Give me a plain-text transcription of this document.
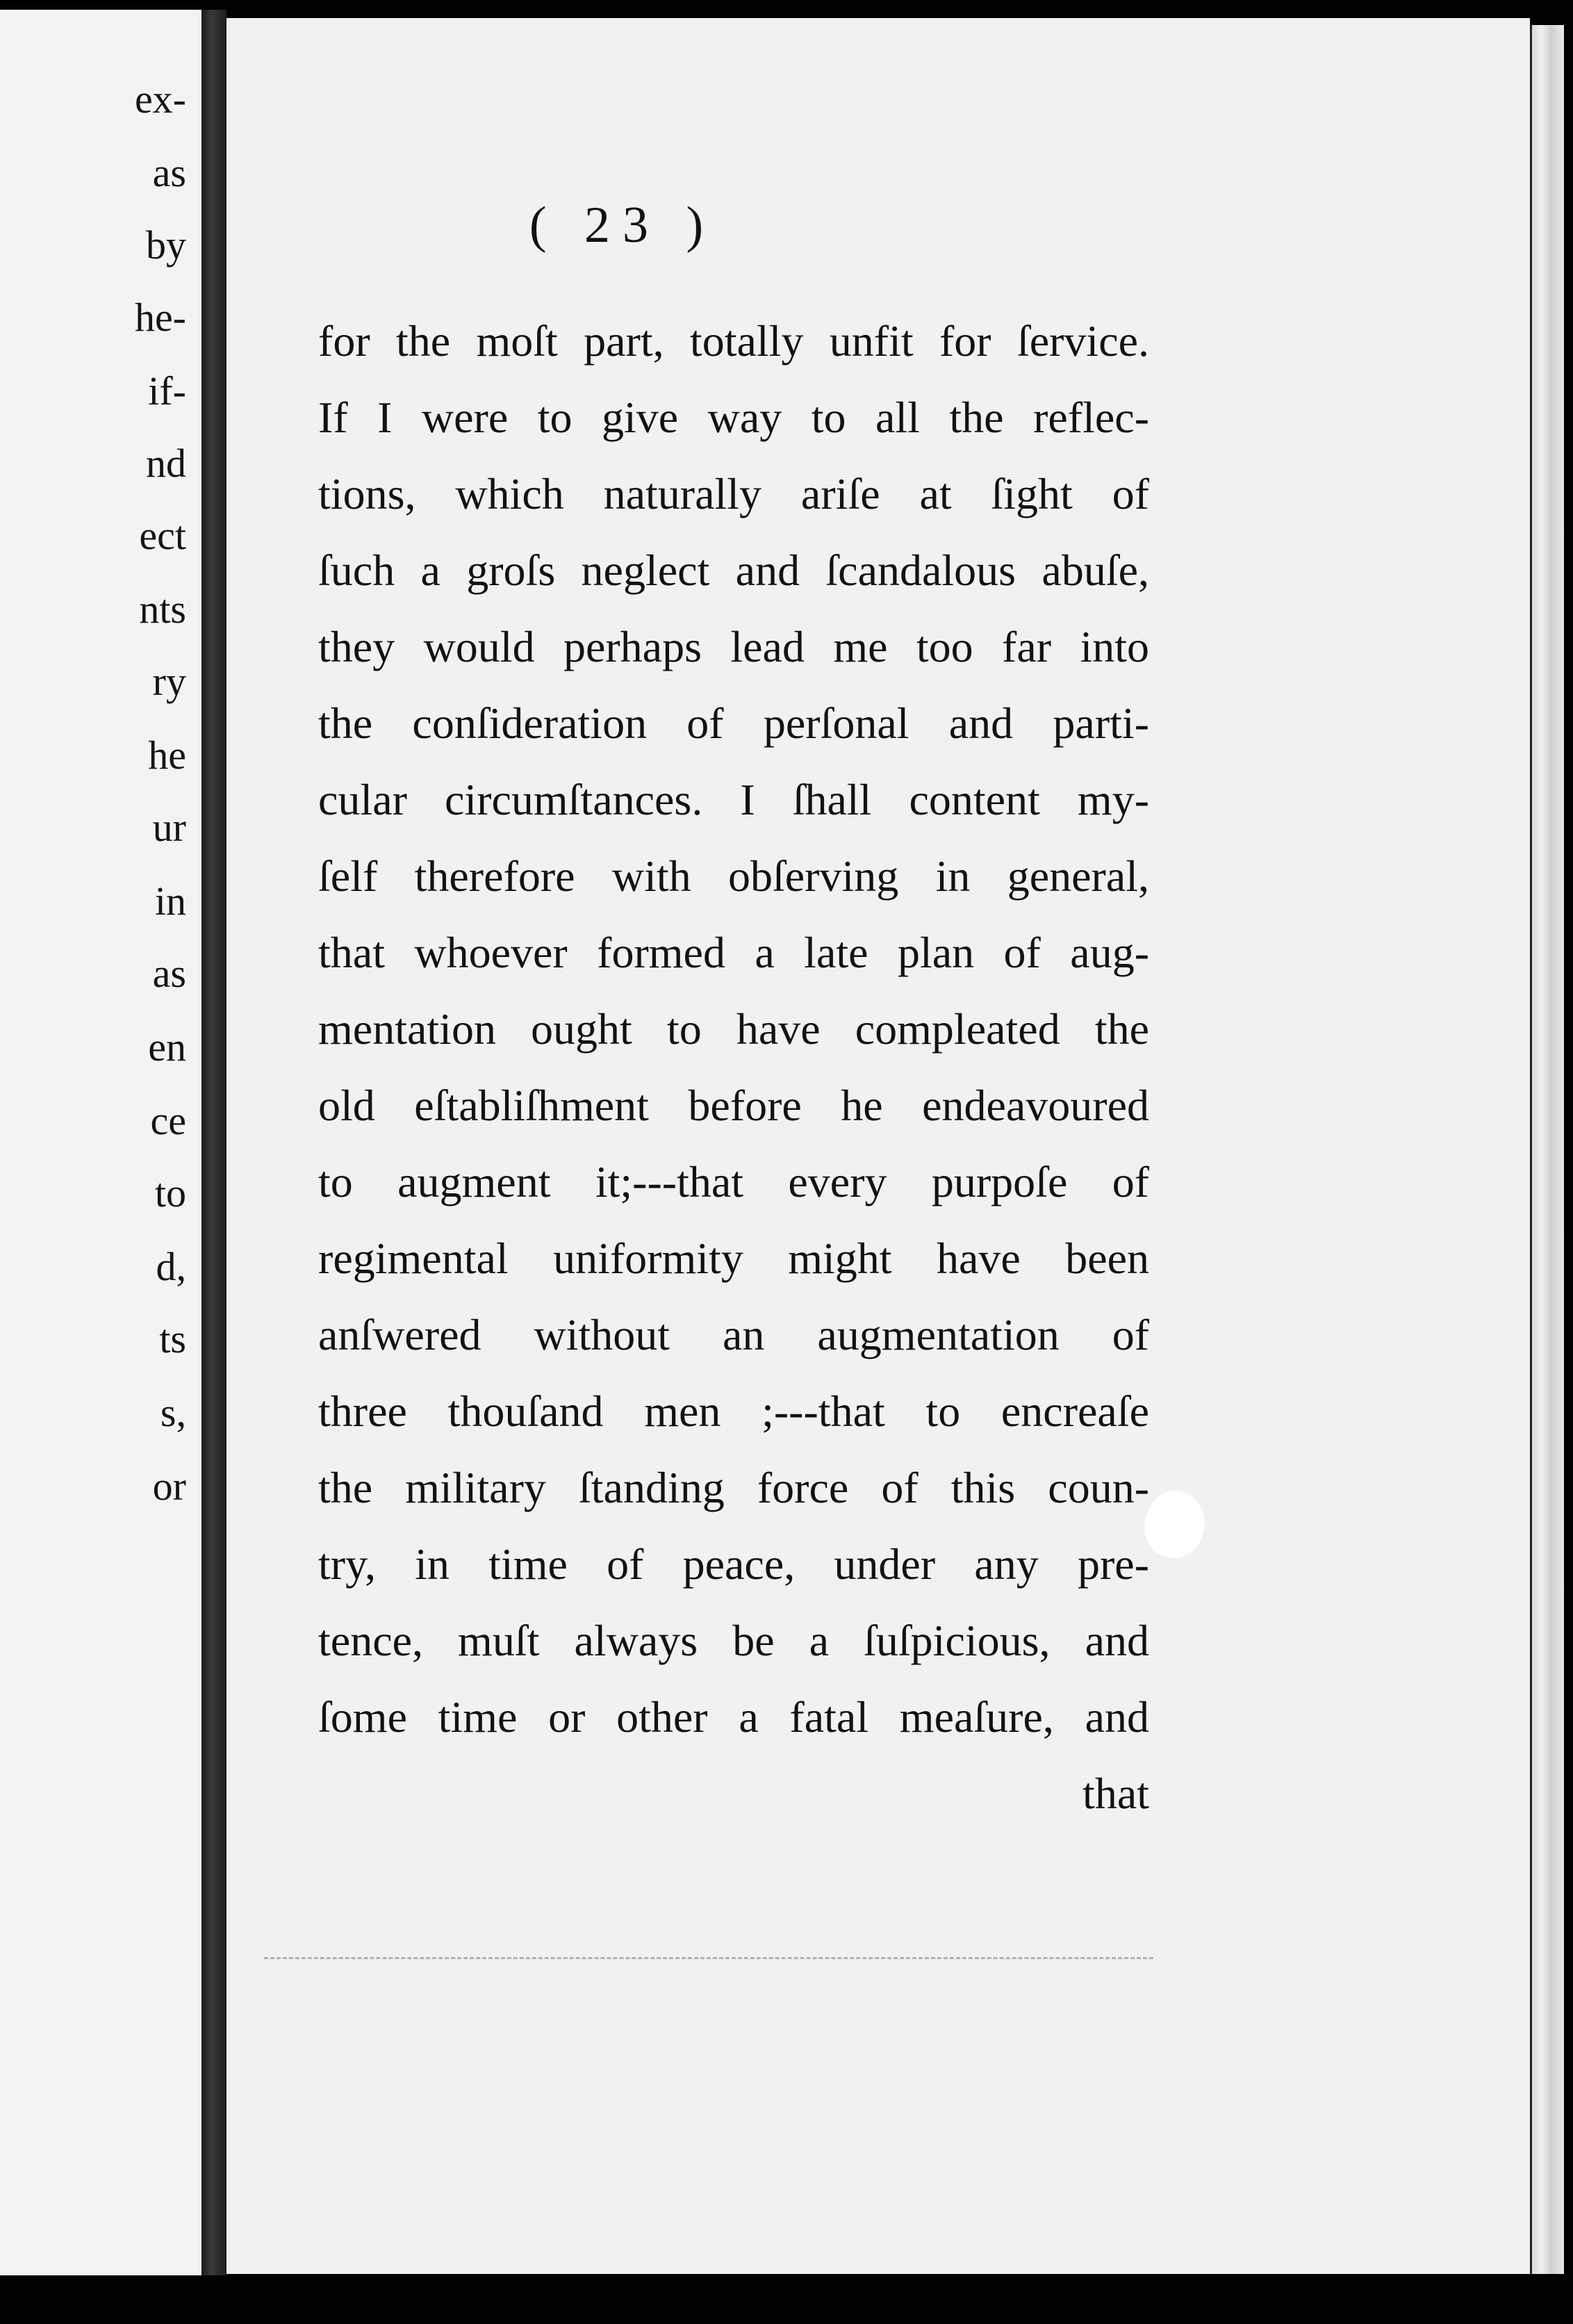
ex-
as
by
he-
if-
nd
ect
nts
ry
he
ur
in
as
en
ce
to
d,
ts
s,
or
( 23 )
for the moſt part, totally unfit for ſervice.
If I were to give way to all the reflec-
tions, which naturally ariſe at ſight of
ſuch a groſs neglect and ſcandalous abuſe,
they would perhaps lead me too far into
the conſideration of perſonal and parti-
cular circumſtances. I ſhall content my-
ſelf therefore with obſerving in general,
that whoever formed a late plan of aug-
mentation ought to have compleated the
old eſtabliſhment before he endeavoured
to augment it;---that every purpoſe of
regimental uniformity might have been
anſwered without an augmentation of
three thouſand men ;---that to encreaſe
the military ſtanding force of this coun-
try, in time of peace, under any pre-
tence, muſt always be a ſuſpicious, and
ſome time or other a fatal meaſure, and
that
